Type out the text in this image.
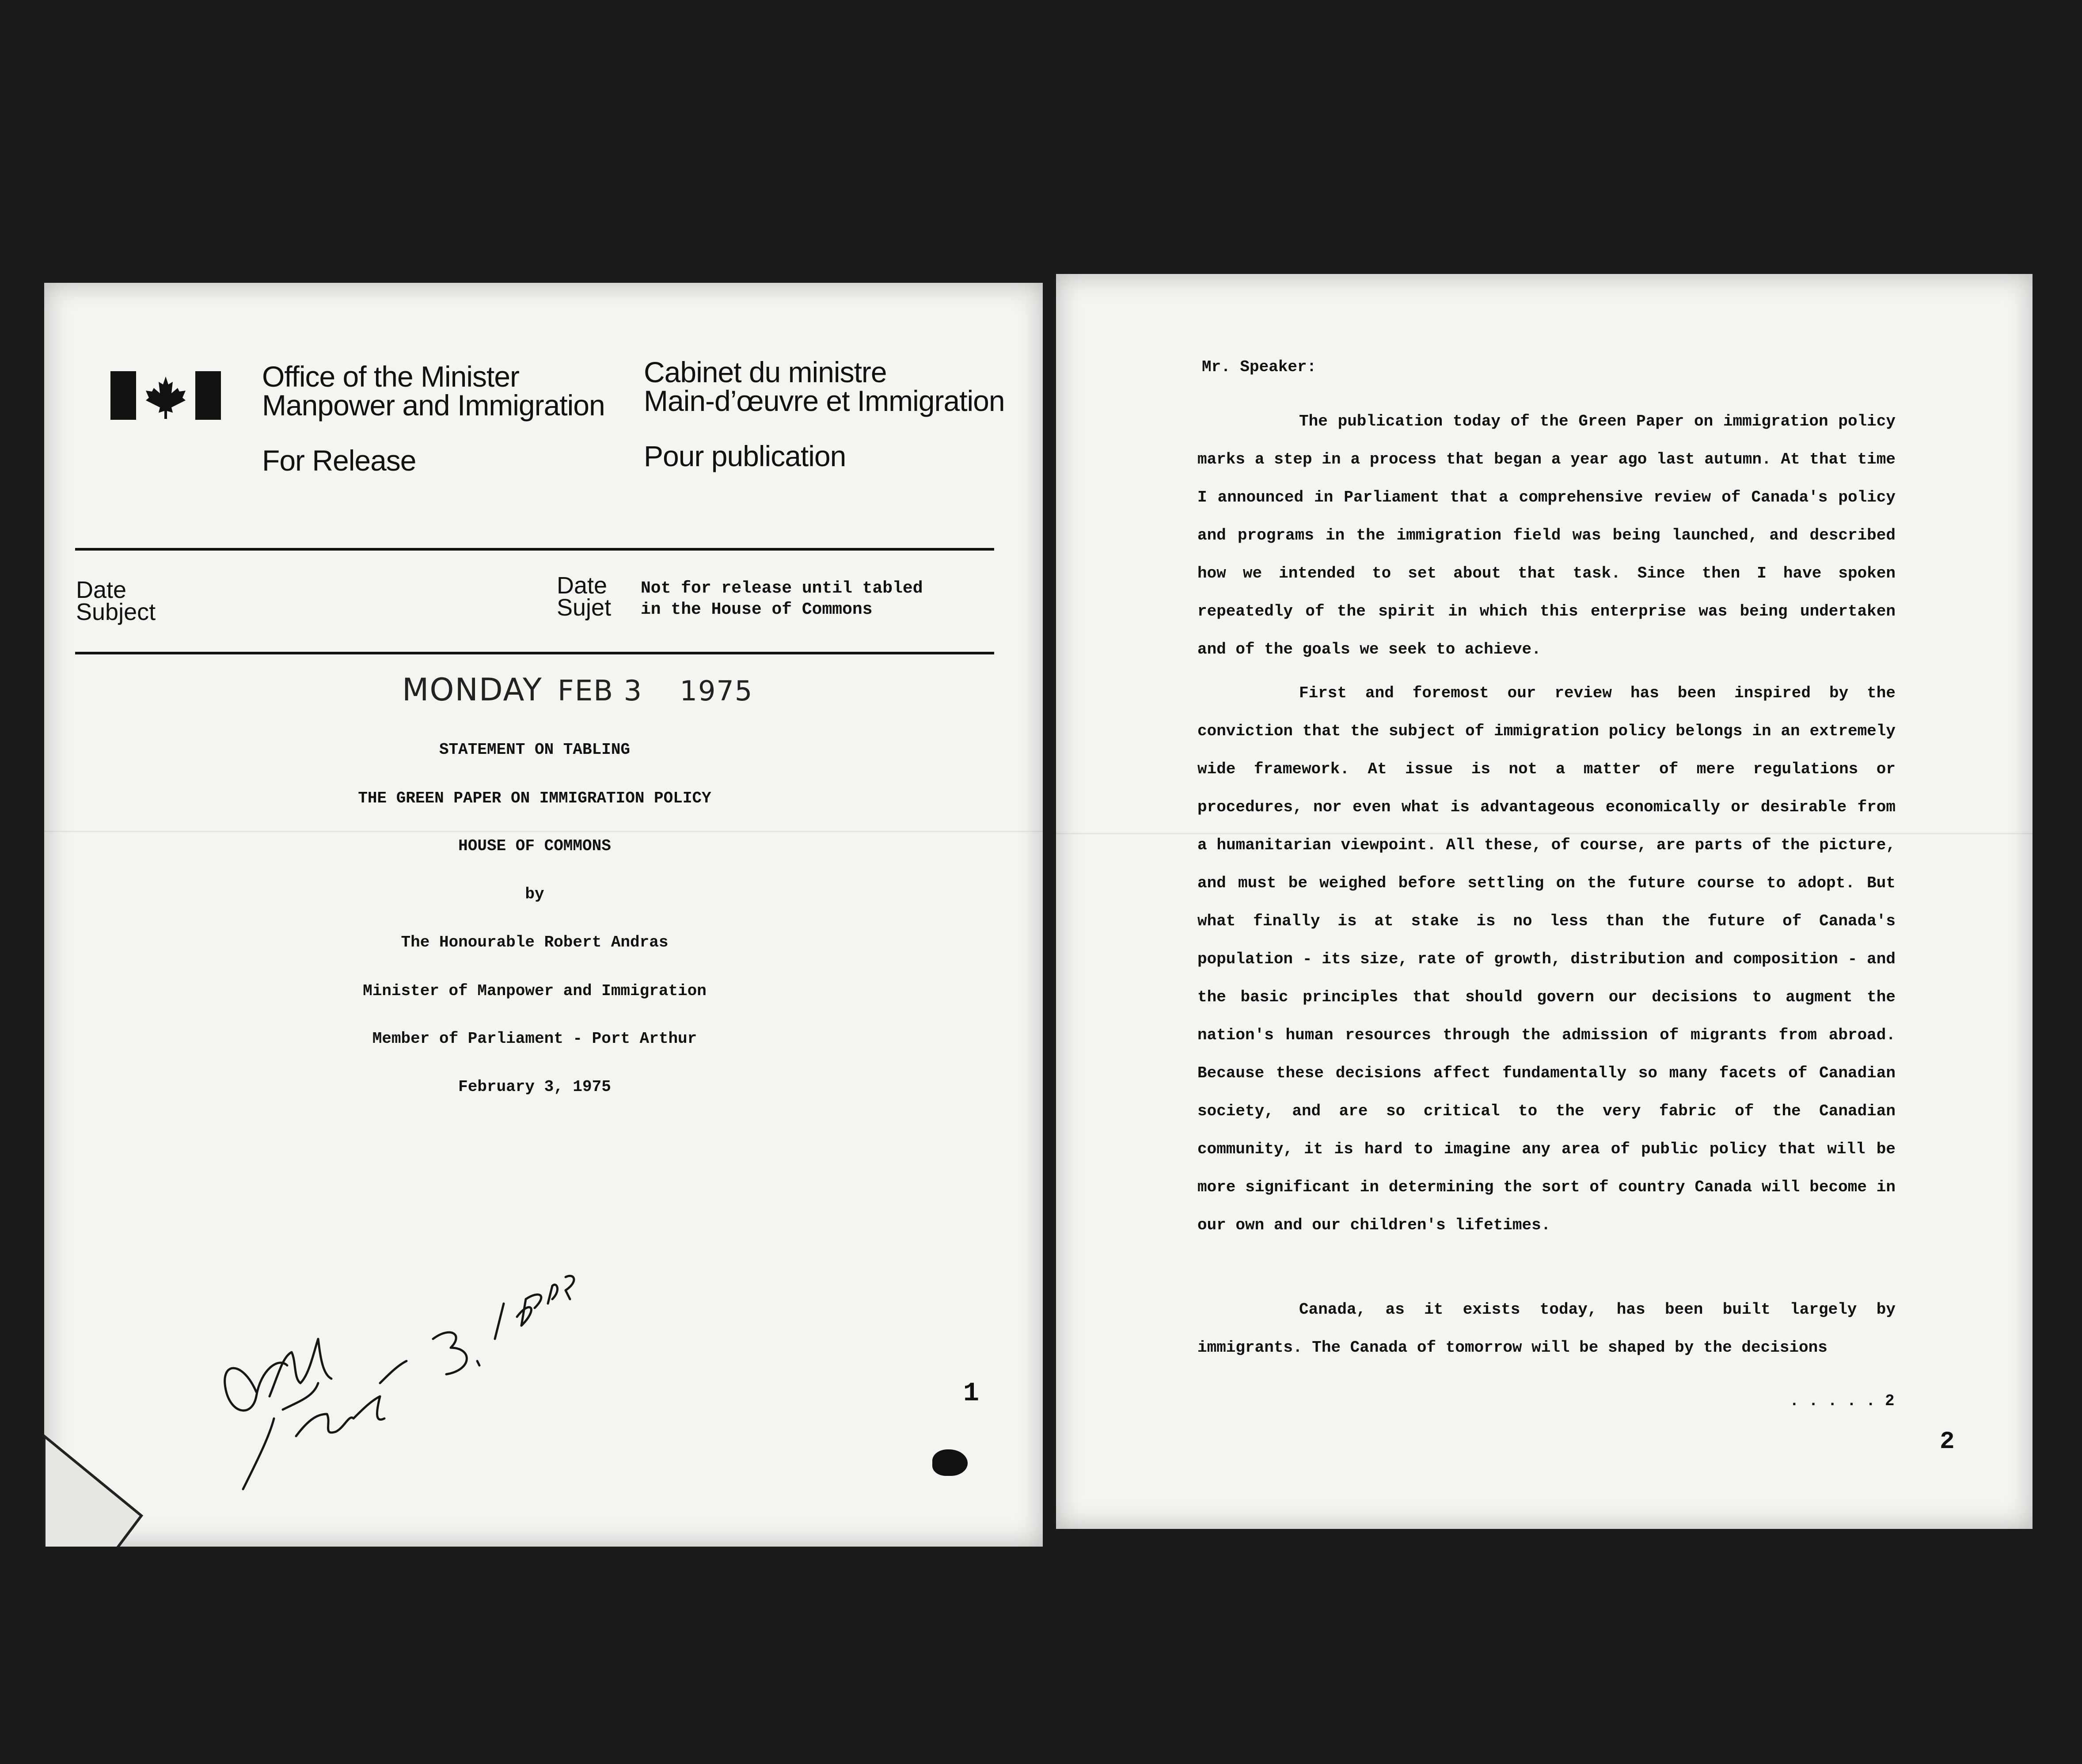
Office of the Minister

Manpower and Immigration

For Release

Cabinet du ministre

Main-d’œuvre et Immigration

Pour publication

Date

Subject

Date

Sujet

Not for release until tabled

in the House of Commons

MONDAY FEB 3 1975

STATEMENT ON TABLING

THE GREEN PAPER ON IMMIGRATION POLICY

HOUSE OF COMMONS

by

The Honourable Robert Andras

Minister of Manpower and Immigration

Member of Parliament - Port Arthur

February 3, 1975

1

Mr. Speaker:

The publication today of the Green Paper on immigration policy marks a step in a process that began a year ago last autumn. At that time I announced in Parliament that a comprehensive review of Canada's policy and programs in the immigration field was being launched, and described how we intended to set about that task. Since then I have spoken repeatedly of the spirit in which this enterprise was being undertaken and of the goals we seek to achieve.

First and foremost our review has been inspired by the conviction that the subject of immigration policy belongs in an extremely wide framework. At issue is not a matter of mere regulations or procedures, nor even what is advantageous economically or desirable from a humanitarian viewpoint. All these, of course, are parts of the picture, and must be weighed before settling on the future course to adopt. But what finally is at stake is no less than the future of Canada's population - its size, rate of growth, distribution and composition - and the basic principles that should govern our decisions to augment the nation's human resources through the admission of migrants from abroad. Because these decisions affect fundamentally so many facets of Canadian society, and are so critical to the very fabric of the Canadian community, it is hard to imagine any area of public policy that will be more significant in determining the sort of country Canada will become in our own and our children's lifetimes.

Canada, as it exists today, has been built largely by immigrants. The Canada of tomorrow will be shaped by the decisions

. . . . . 2

2
